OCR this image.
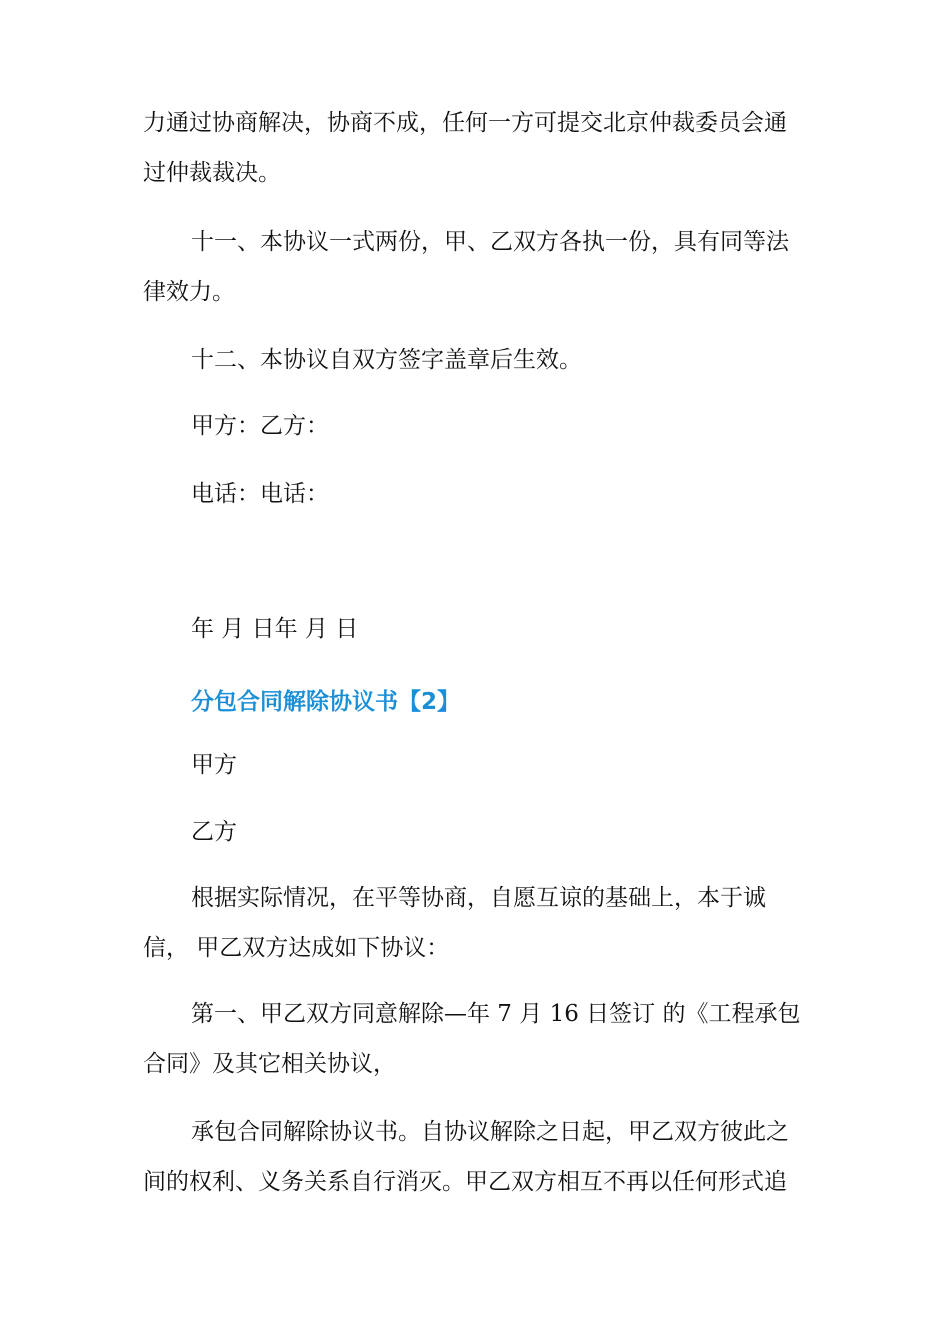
力通过协商解决，协商不成，任何一方可提交北京仲裁委员会通
过仲裁裁决。
十一、本协议一式两份，甲、乙双方各执一份，具有同等法
律效力。
十二、本协议自双方签字盖章后生效。
甲方：乙方：
电话：电话：
年 月 日年 月 日
分包合同解除协议书【2】
甲方
乙方
根据实际情况，在平等协商，自愿互谅的基础上，本于诚
信， 甲乙双方达成如下协议：
第一、甲乙双方同意解除—年 7 月 16 日签订 的《工程承包
合同》及其它相关协议，
承包合同解除协议书。自协议解除之日起，甲乙双方彼此之
间的权利、义务关系自行消灭。甲乙双方相互不再以任何形式追
